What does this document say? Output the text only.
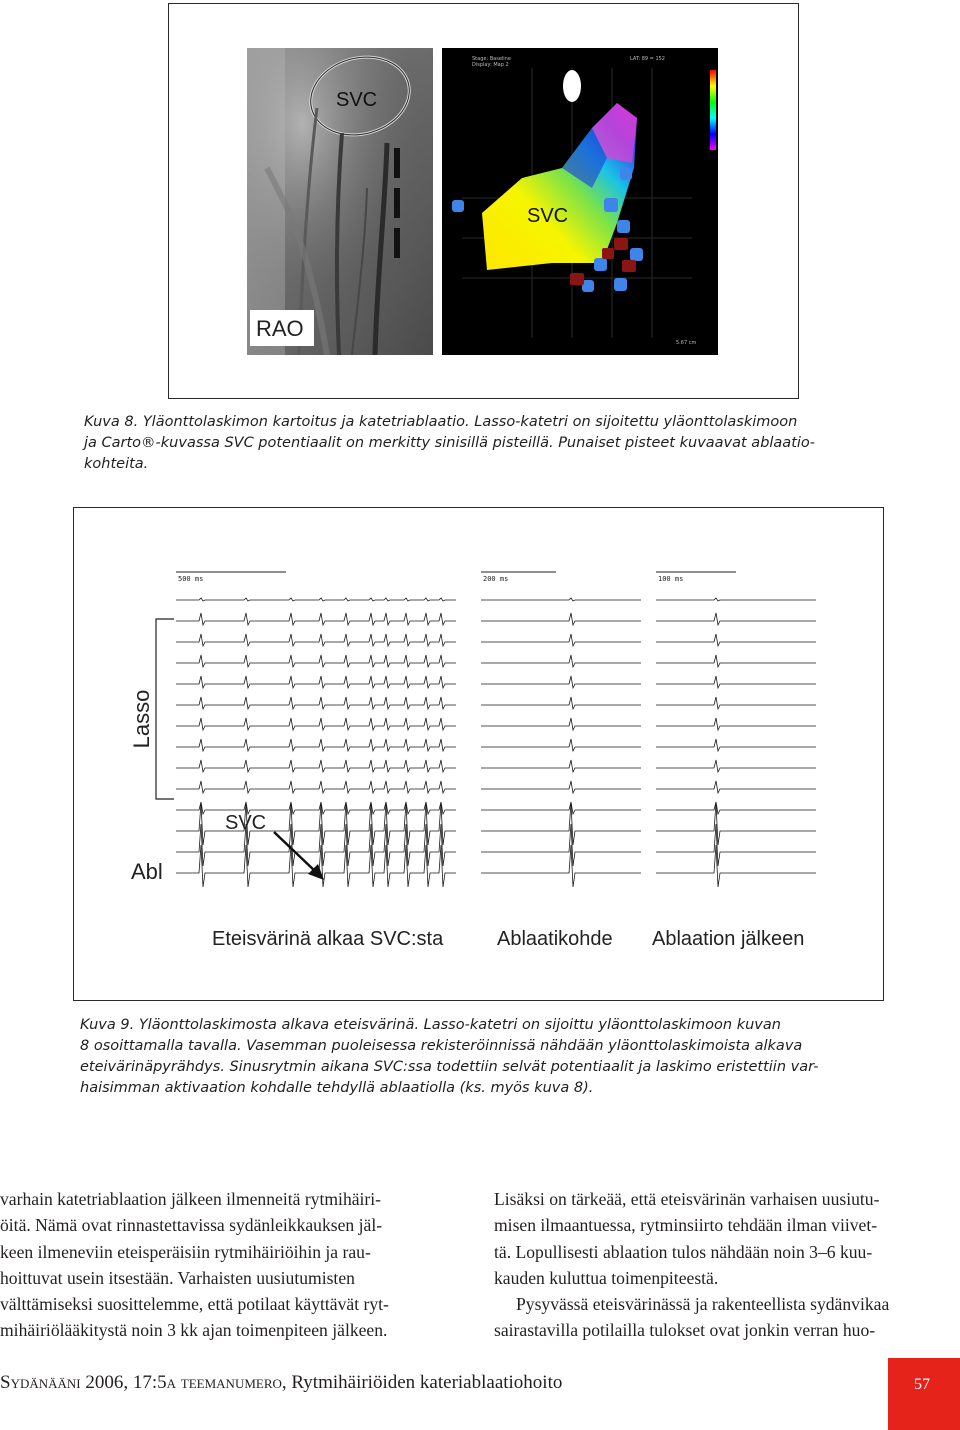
SVC
RAO
Stage: Baseline
Display: Map 2
LAT: 89 = 152
5.67 cm
SVC

Kuva 8. Yläonttolaskimon kartoitus ja katetriablaatio. Lasso-katetri on sijoitettu yläonttolaskimoon

ja Carto®-kuvassa SVC potentiaalit on merkitty sinisillä pisteillä. Punaiset pisteet kuvaavat ablaatio-

kohteita.

Lasso
Abl
SVC
500 ms	200 ms	100 ms
Eteisvärinä alkaa SVC:sta	Ablaatikohde Ablaation jälkeen

Kuva 9. Yläonttolaskimosta alkava eteisvärinä. Lasso-katetri on sijoittu yläonttolaskimoon kuvan

8 osoittamalla tavalla. Vasemman puoleisessa rekisteröinnissä nähdään yläonttolaskimoista alkava

eteivärinäpyrähdys. Sinusrytmin aikana SVC:ssa todettiin selvät potentiaalit ja laskimo eristettiin var-

haisimman aktivaation kohdalle tehdyllä ablaatiolla (ks. myös kuva 8).

varhain katetriablaation jälkeen ilmenneitä rytmihäiri-

öitä. Nämä ovat rinnastettavissa sydänleikkauksen jäl-

keen ilmeneviin eteisperäisiin rytmihäiriöihin ja rau-

hoittuvat usein itsestään. Varhaisten uusiutumisten

välttämiseksi suosittelemme, että potilaat käyttävät ryt-

mihäiriölääkitystä noin 3 kk ajan toimenpiteen jälkeen.

Lisäksi on tärkeää, että eteisvärinän varhaisen uusiutu-

misen ilmaantuessa, rytminsiirto tehdään ilman viivet-

tä. Lopullisesti ablaation tulos nähdään noin 3–6 kuu-

kauden kuluttua toimenpiteestä.

Pysyvässä eteisvärinässä ja rakenteellista sydänvikaa

sairastavilla potilailla tulokset ovat jonkin verran huo-

Sydänääni 2006, 17:5a teemanumero, Rytmihäiriöiden kateriablaatiohoito	57
